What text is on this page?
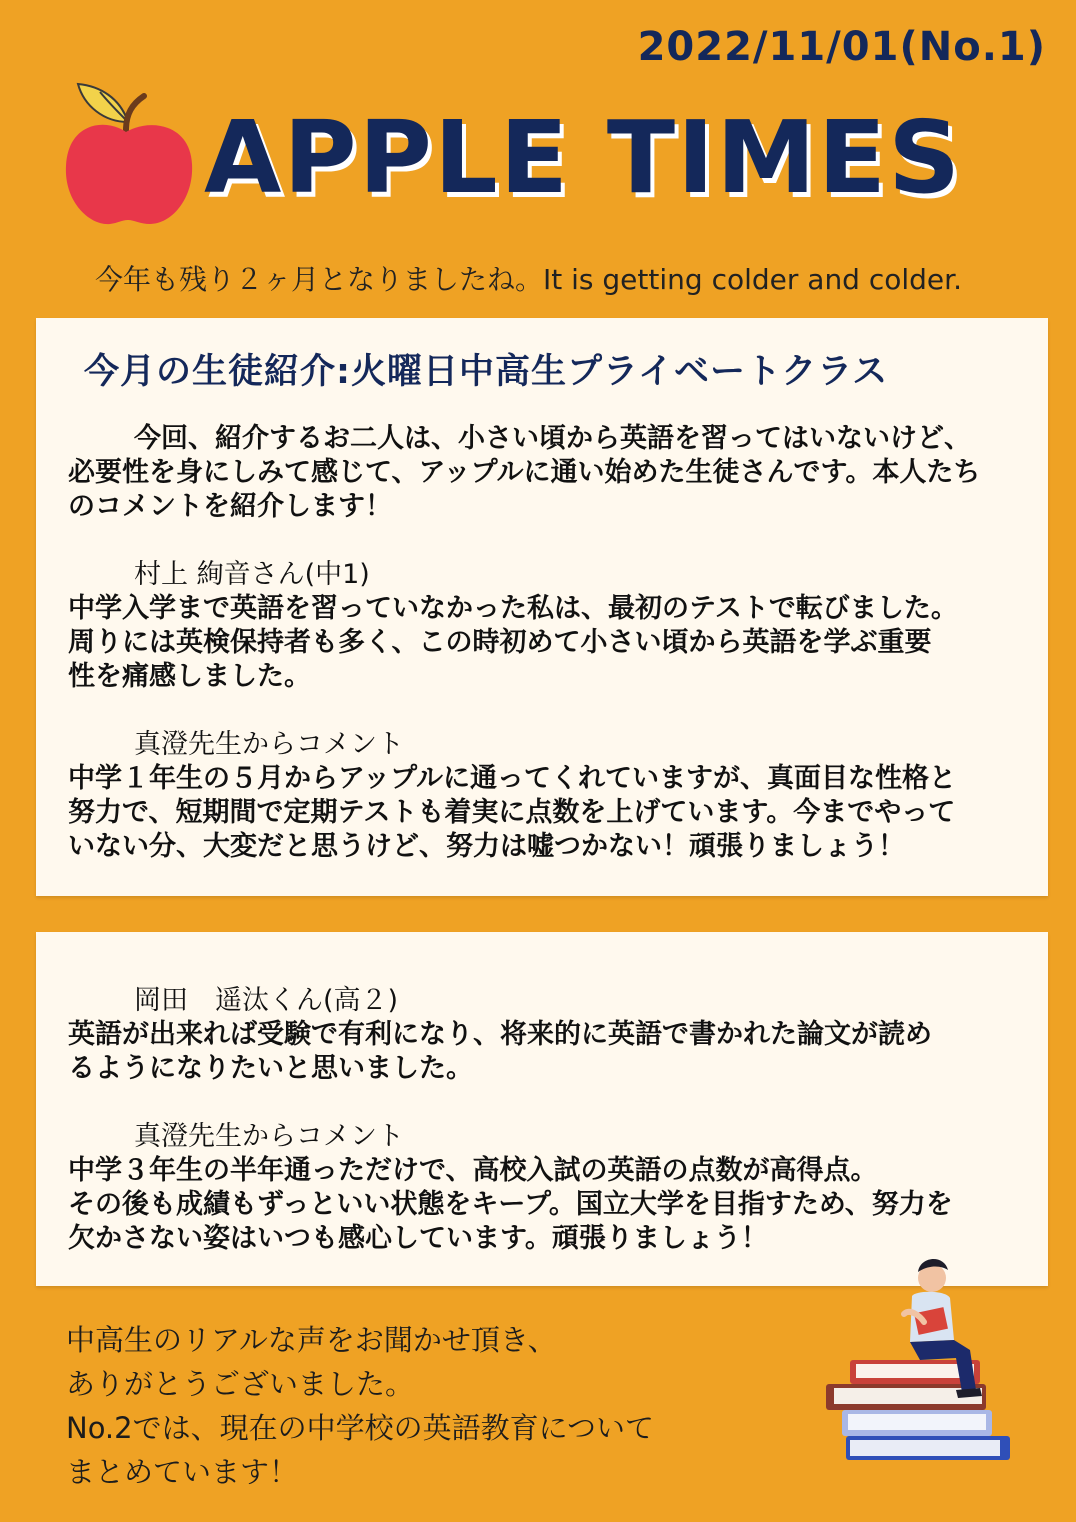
2022/11/01(No.1)
APPLE TIMES
今年も残り２ヶ月となりましたね。It is getting colder and colder.
今月の生徒紹介:火曜日中高生プライベートクラス

今回、紹介するお二人は、小さい頃から英語を習ってはいないけど、

必要性を身にしみて感じて、アップルに通い始めた生徒さんです。本人たち

のコメントを紹介します！

村上 絢音さん(中1)

中学入学まで英語を習っていなかった私は、最初のテストで転びました。

周りには英検保持者も多く、この時初めて小さい頃から英語を学ぶ重要

性を痛感しました。

真澄先生からコメント

中学１年生の５月からアップルに通ってくれていますが、真面目な性格と

努力で、短期間で定期テストも着実に点数を上げています。今までやって

いない分、大変だと思うけど、努力は嘘つかない！頑張りましょう！

岡田　遥汰くん(高２)

英語が出来れば受験で有利になり、将来的に英語で書かれた論文が読め

るようになりたいと思いました。

真澄先生からコメント

中学３年生の半年通っただけで、高校入試の英語の点数が高得点。

その後も成績もずっといい状態をキープ。国立大学を目指すため、努力を

欠かさない姿はいつも感心しています。頑張りましょう！

中高生のリアルな声をお聞かせ頂き、

ありがとうございました。

No.2では、現在の中学校の英語教育について

まとめています！
